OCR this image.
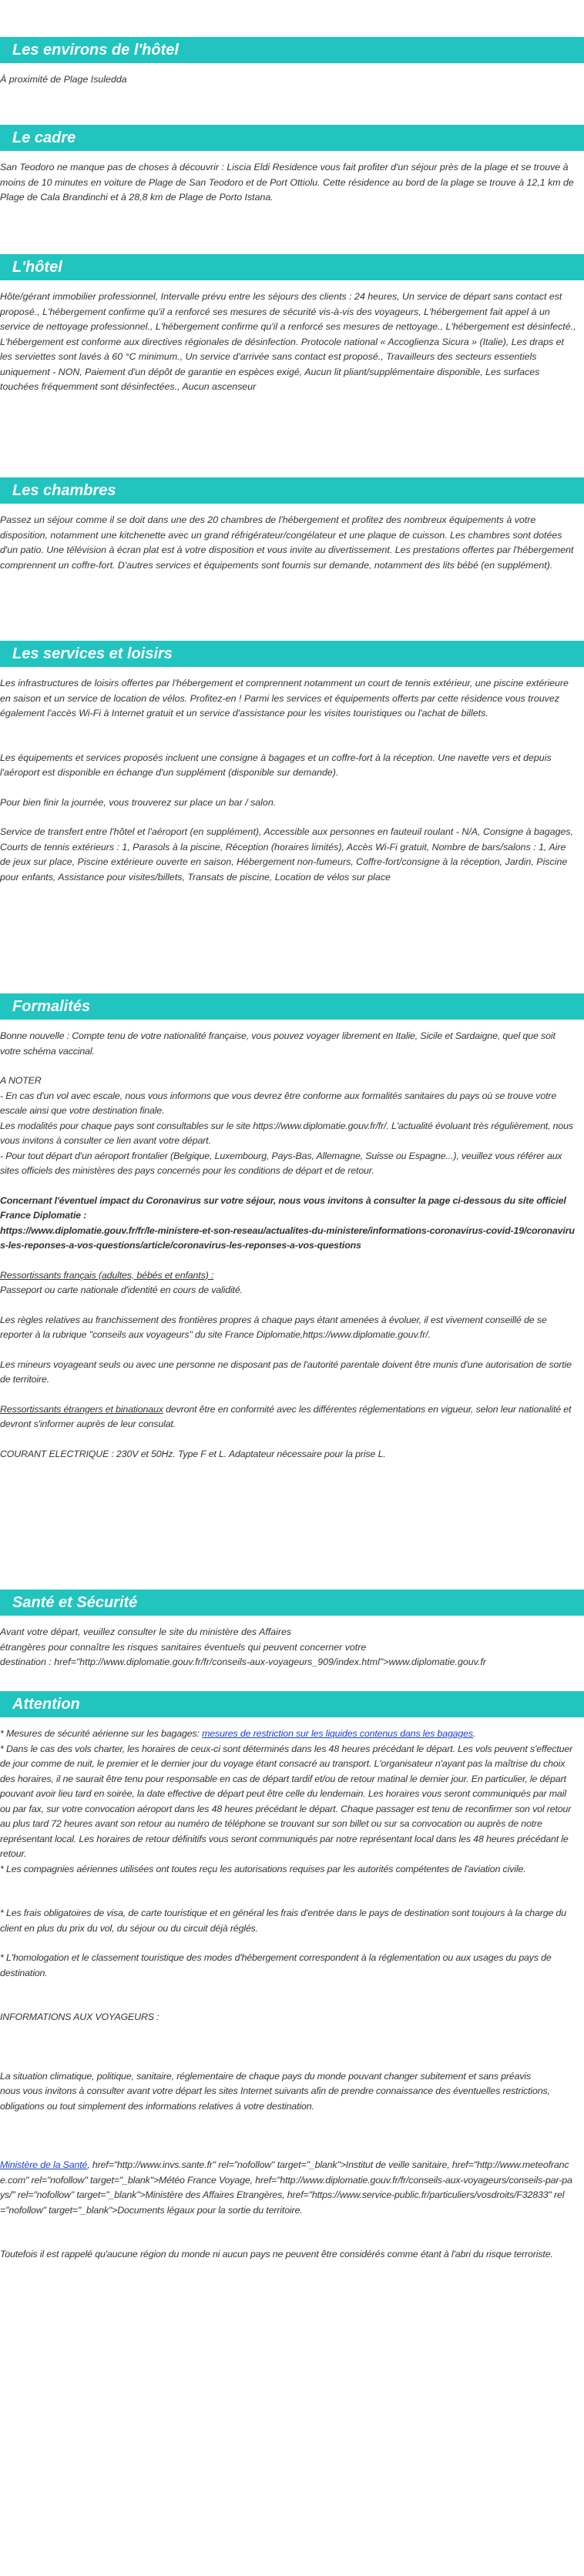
Les environs de l'hôtel

À proximité de Plage Isuledda

Le cadre

San Teodoro ne manque pas de choses à découvrir : Liscia Eldi Residence vous fait profiter d'un séjour près de la plage et se trouve à moins de 10 minutes en voiture de Plage de San Teodoro et de Port Ottiolu. Cette résidence au bord de la plage se trouve à 12,1 km de Plage de Cala Brandinchi et à 28,8 km de Plage de Porto Istana.

L'hôtel

Hôte/gérant immobilier professionnel, Intervalle prévu entre les séjours des clients : 24 heures, Un service de départ sans contact est proposé., L'hébergement confirme qu'il a renforcé ses mesures de sécurité vis-à-vis des voyageurs, L'hébergement fait appel à un service de nettoyage professionnel., L'hébergement confirme qu'il a renforcé ses mesures de nettoyage., L'hébergement est désinfecté., L'hébergement est conforme aux directives régionales de désinfection. Protocole national « Accoglienza Sicura » (Italie), Les draps et les serviettes sont lavés à 60 °C minimum., Un service d'arrivée sans contact est proposé., Travailleurs des secteurs essentiels uniquement - NON, Paiement d'un dépôt de garantie en espèces exigé, Aucun lit pliant/supplémentaire disponible, Les surfaces touchées fréquemment sont désinfectées., Aucun ascenseur

Les chambres

Passez un séjour comme il se doit dans une des 20 chambres de l'hébergement et profitez des nombreux équipements à votre disposition, notamment une kitchenette avec un grand réfrigérateur/congélateur et une plaque de cuisson. Les chambres sont dotées d'un patio. Une télévision à écran plat est à votre disposition et vous invite au divertissement. Les prestations offertes par l'hébergement comprennent un coffre-fort. D'autres services et équipements sont fournis sur demande, notamment des lits bébé (en supplément).

Les services et loisirs

Les infrastructures de loisirs offertes par l'hébergement et comprennent notamment un court de tennis extérieur, une piscine extérieure en saison et un service de location de vélos. Profitez-en ! Parmi les services et équipements offerts par cette résidence vous trouvez également l'accès Wi-Fi à Internet gratuit et un service d'assistance pour les visites touristiques ou l'achat de billets.

Les équipements et services proposés incluent une consigne à bagages et un coffre-fort à la réception. Une navette vers et depuis l'aéroport est disponible en échange d'un supplément (disponible sur demande).

Pour bien finir la journée, vous trouverez sur place un bar / salon.

Service de transfert entre l'hôtel et l'aéroport (en supplément), Accessible aux personnes en fauteuil roulant - N/A, Consigne à bagages, Courts de tennis extérieurs : 1, Parasols à la piscine, Réception (horaires limités), Accès Wi-Fi gratuit, Nombre de bars/salons : 1, Aire de jeux sur place, Piscine extérieure ouverte en saison, Hébergement non-fumeurs, Coffre-fort/consigne à la réception, Jardin, Piscine pour enfants, Assistance pour visites/billets, Transats de piscine, Location de vélos sur place

Formalités

Bonne nouvelle : Compte tenu de votre nationalité française, vous pouvez voyager librement en Italie, Sicile et Sardaigne, quel que soit votre schéma vaccinal.

A NOTER

- En cas d'un vol avec escale, nous vous informons que vous devrez être conforme aux formalités sanitaires du pays où se trouve votre escale ainsi que votre destination finale.

Les modalités pour chaque pays sont consultables sur le site https://www.diplomatie.gouv.fr/fr/. L'actualité évoluant très régulièrement, nous vous invitons à consulter ce lien avant votre départ.

- Pour tout départ d'un aéroport frontalier (Belgique, Luxembourg, Pays-Bas, Allemagne, Suisse ou Espagne...), veuillez vous référer aux sites officiels des ministères des pays concernés pour les conditions de départ et de retour.

Concernant l'éventuel impact du Coronavirus sur votre séjour, nous vous invitons à consulter la page ci-dessous du site officiel France Diplomatie :

https://www.diplomatie.gouv.fr/fr/le-ministere-et-son-reseau/actualites-du-ministere/informations-coronavirus-covid-19/coronavirus-les-reponses-a-vos-questions/article/coronavirus-les-reponses-a-vos-questions

Ressortissants français (adultes, bébés et enfants) :

Passeport ou carte nationale d'identité en cours de validité.

Les règles relatives au franchissement des frontières propres à chaque pays étant amenées à évoluer, il est vivement conseillé de se reporter à la rubrique "conseils aux voyageurs" du site France Diplomatie,https://www.diplomatie.gouv.fr/.

Les mineurs voyageant seuls ou avec une personne ne disposant pas de l'autorité parentale doivent être munis d'une autorisation de sortie de territoire.

Ressortissants étrangers et binationaux devront être en conformité avec les différentes réglementations en vigueur, selon leur nationalité et devront s'informer auprès de leur consulat.

COURANT ELECTRIQUE : 230V et 50Hz. Type F et L. Adaptateur nécessaire pour la prise L.

Santé et Sécurité

Avant votre départ, veuillez consulter le site du ministère des Affaires

étrangères pour connaître les risques sanitaires éventuels qui peuvent concerner votre

destination : href="http://www.diplomatie.gouv.fr/fr/conseils-aux-voyageurs_909/index.html">www.diplomatie.gouv.fr

Attention

* Mesures de sécurité aérienne sur les bagages: mesures de restriction sur les liquides contenus dans les bagages.

* Dans le cas des vols charter, les horaires de ceux-ci sont déterminés dans les 48 heures précédant le départ. Les vols peuvent s'effectuer de jour comme de nuit, le premier et le dernier jour du voyage étant consacré au transport. L'organisateur n'ayant pas la maîtrise du choix des horaires, il ne saurait être tenu pour responsable en cas de départ tardif et/ou de retour matinal le dernier jour. En particulier, le départ pouvant avoir lieu tard en soirée, la date effective de départ peut être celle du lendemain. Les horaires vous seront communiqués par mail ou par fax, sur votre convocation aéroport dans les 48 heures précédant le départ. Chaque passager est tenu de reconfirmer son vol retour au plus tard 72 heures avant son retour au numéro de téléphone se trouvant sur son billet ou sur sa convocation ou auprès de notre représentant local. Les horaires de retour définitifs vous seront communiqués par notre représentant local dans les 48 heures précédant le retour.

* Les compagnies aériennes utilisées ont toutes reçu les autorisations requises par les autorités compétentes de l'aviation civile.

* Les frais obligatoires de visa, de carte touristique et en général les frais d'entrée dans le pays de destination sont toujours à la charge du client en plus du prix du vol, du séjour ou du circuit déjà réglés.

* L'homologation et le classement touristique des modes d'hébergement correspondent à la réglementation ou aux usages du pays de destination.

INFORMATIONS AUX VOYAGEURS :

La situation climatique, politique, sanitaire, réglementaire de chaque pays du monde pouvant changer subitement et sans préavis
nous vous invitons à consulter avant votre départ les sites Internet suivants afin de prendre connaissance des éventuelles restrictions, obligations ou tout simplement des informations relatives à votre destination.

Ministère de la Santé, href="http://www.invs.sante.fr" rel="nofollow" target="_blank">Institut de veille sanitaire, href="http://www.meteofrance.com" rel="nofollow" target="_blank">Météo France Voyage, href="http://www.diplomatie.gouv.fr/fr/conseils-aux-voyageurs/conseils-par-pays/" rel="nofollow" target="_blank">Ministère des Affaires Etrangères, href="https://www.service-public.fr/particuliers/vosdroits/F32833" rel="nofollow" target="_blank">Documents légaux pour la sortie du territoire.

Toutefois il est rappelé qu'aucune région du monde ni aucun pays ne peuvent être considérés comme étant à l'abri du risque terroriste.
